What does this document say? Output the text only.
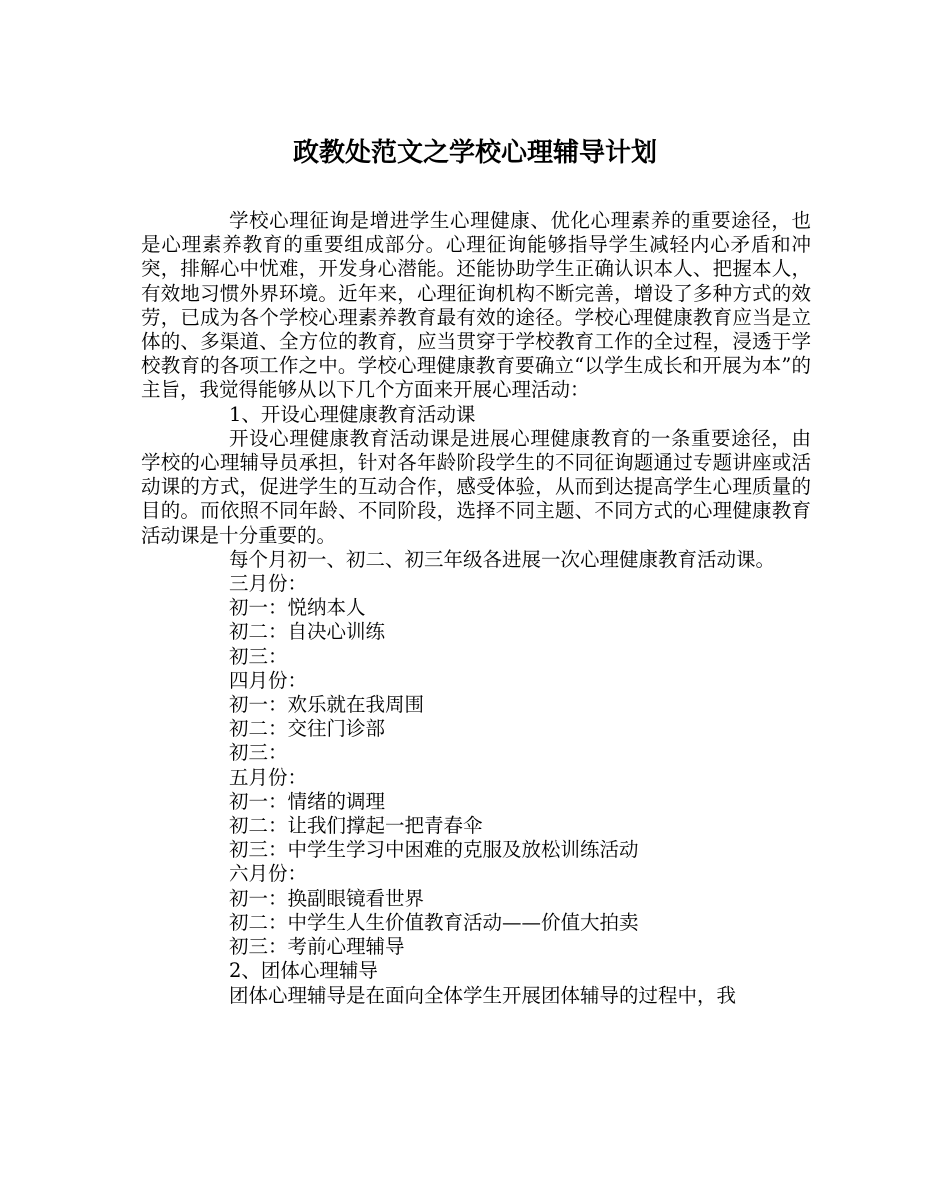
政教处范文之学校心理辅导计划

学校心理征询是增进学生心理健康、优化心理素养的重要途径，也是心理素养教育的重要组成部分。心理征询能够指导学生减轻内心矛盾和冲突，排解心中忧难，开发身心潜能。还能协助学生正确认识本人、把握本人，有效地习惯外界环境。近年来，心理征询机构不断完善，增设了多种方式的效劳，已成为各个学校心理素养教育最有效的途径。学校心理健康教育应当是立体的、多渠道、全方位的教育，应当贯穿于学校教育工作的全过程，浸透于学校教育的各项工作之中。学校心理健康教育要确立“以学生成长和开展为本”的主旨，我觉得能够从以下几个方面来开展心理活动：

1、开设心理健康教育活动课

开设心理健康教育活动课是进展心理健康教育的一条重要途径，由学校的心理辅导员承担，针对各年龄阶段学生的不同征询题通过专题讲座或活动课的方式，促进学生的互动合作，感受体验，从而到达提高学生心理质量的目的。而依照不同年龄、不同阶段，选择不同主题、不同方式的心理健康教育活动课是十分重要的。

每个月初一、初二、初三年级各进展一次心理健康教育活动课。

三月份：

初一：悦纳本人

初二：自决心训练

初三：

四月份：

初一：欢乐就在我周围

初二：交往门诊部

初三：

五月份：

初一：情绪的调理

初二：让我们撑起一把青春伞

初三：中学生学习中困难的克服及放松训练活动

六月份：

初一：换副眼镜看世界

初二：中学生人生价值教育活动——价值大拍卖

初三：考前心理辅导

2、团体心理辅导

团体心理辅导是在面向全体学生开展团体辅导的过程中，我
